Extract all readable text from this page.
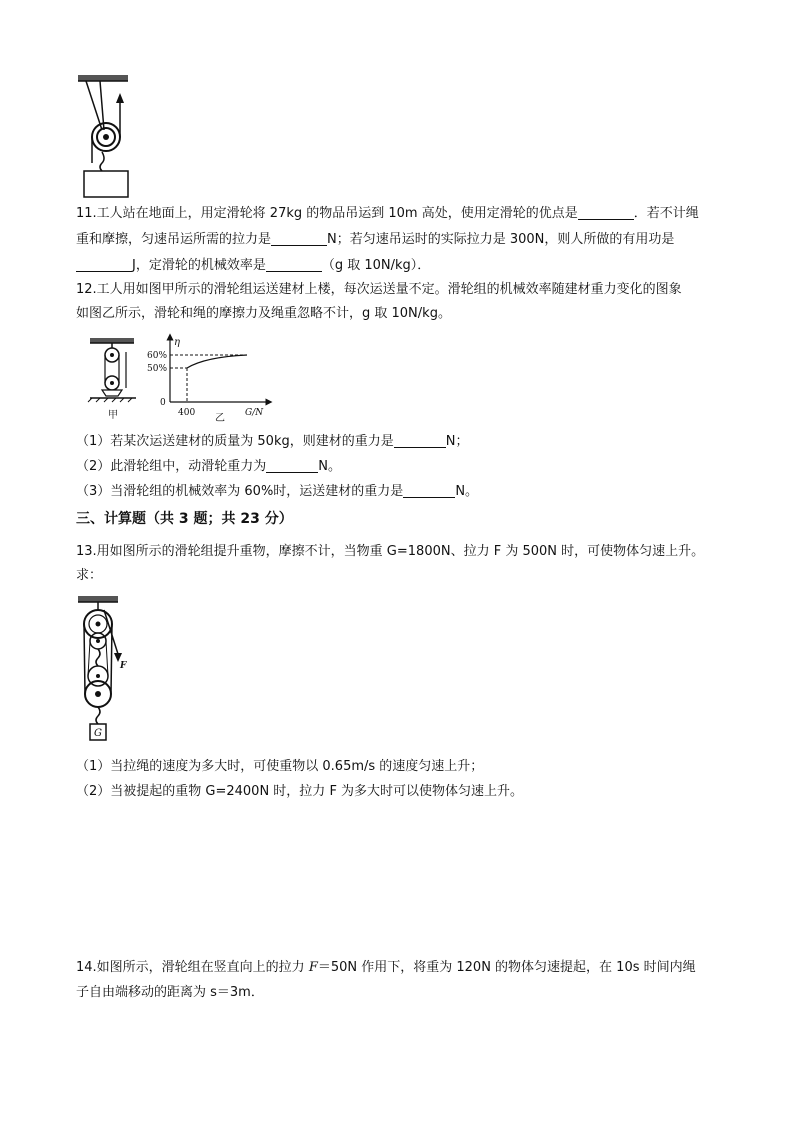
11.工人站在地面上，用定滑轮将 27kg 的物品吊运到 10m 高处，使用定滑轮的优点是	．若不计绳
重和摩擦，匀速吊运所需的拉力是	N；若匀速吊运时的实际拉力是 300N，则人所做的有用功是
J，定滑轮的机械效率是	（g 取 10N/kg）．
12.工人用如图甲所示的滑轮组运送建材上楼，每次运送量不定。滑轮组的机械效率随建材重力变化的图象
如图乙所示，滑轮和绳的摩擦力及绳重忽略不计，g 取 10N/kg。
甲
η
60%
50%
0
400	G/N
乙
（1）若某次运送建材的质量为 50kg，则建材的重力是	N；
（2）此滑轮组中，动滑轮重力为	N。
（3）当滑轮组的机械效率为 60%时，运送建材的重力是	N。
三、计算题（共 3 题；共 23 分）
13.用如图所示的滑轮组提升重物，摩擦不计，当物重 G=1800N、拉力 F 为 500N 时，可使物体匀速上升。
求：
F
G
（1）当拉绳的速度为多大时，可使重物以 0.65m/s 的速度匀速上升；
（2）当被提起的重物 G=2400N 时，拉力 F 为多大时可以使物体匀速上升。
14.如图所示，滑轮组在竖直向上的拉力 F＝50N 作用下，将重为 120N 的物体匀速提起，在 10s 时间内绳
子自由端移动的距离为 s＝3m．
